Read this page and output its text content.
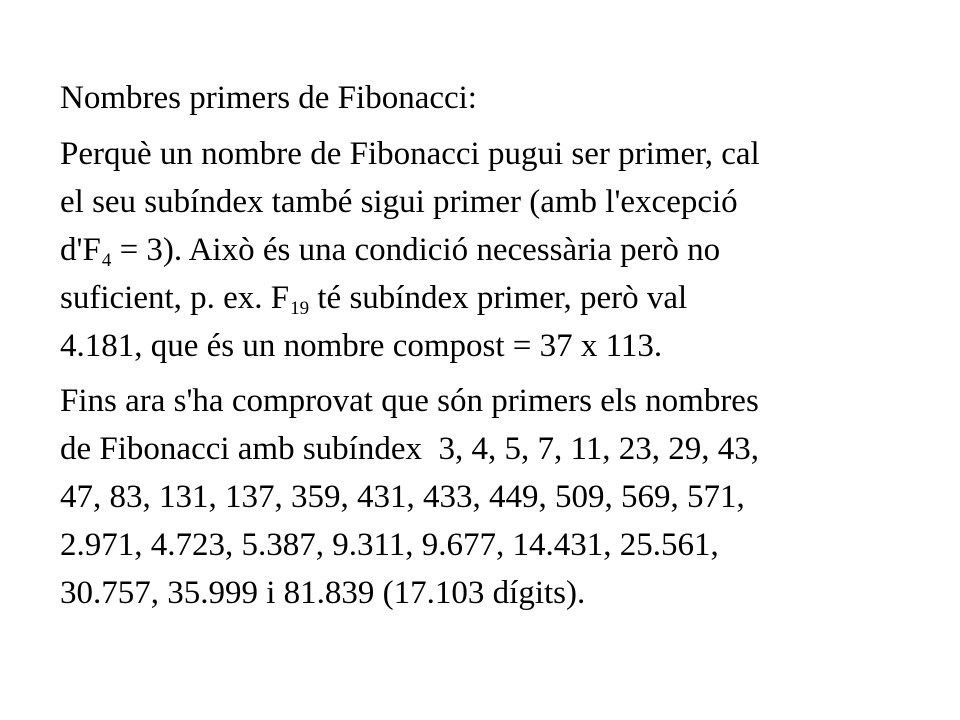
Nombres primers de Fibonacci:
Perquè un nombre de Fibonacci pugui ser primer, cal
el seu subíndex també sigui primer (amb l'excepció
$d'F_4 = 3$). Això és una condició necessària però no
suficient, p. ex. $F_{19}$ té subíndex primer, però val
4.181, que és un nombre compost = 37 x 113.
Fins ara s'ha comprovat que són primers els nombres
de Fibonacci amb subíndex  3, 4, 5, 7, 11, 23, 29, 43,
47, 83, 131, 137, 359, 431, 433, 449, 509, 569, 571,
2.971, 4.723, 5.387, 9.311, 9.677, 14.431, 25.561,
30.757, 35.999 i 81.839 (17.103 dígits).
